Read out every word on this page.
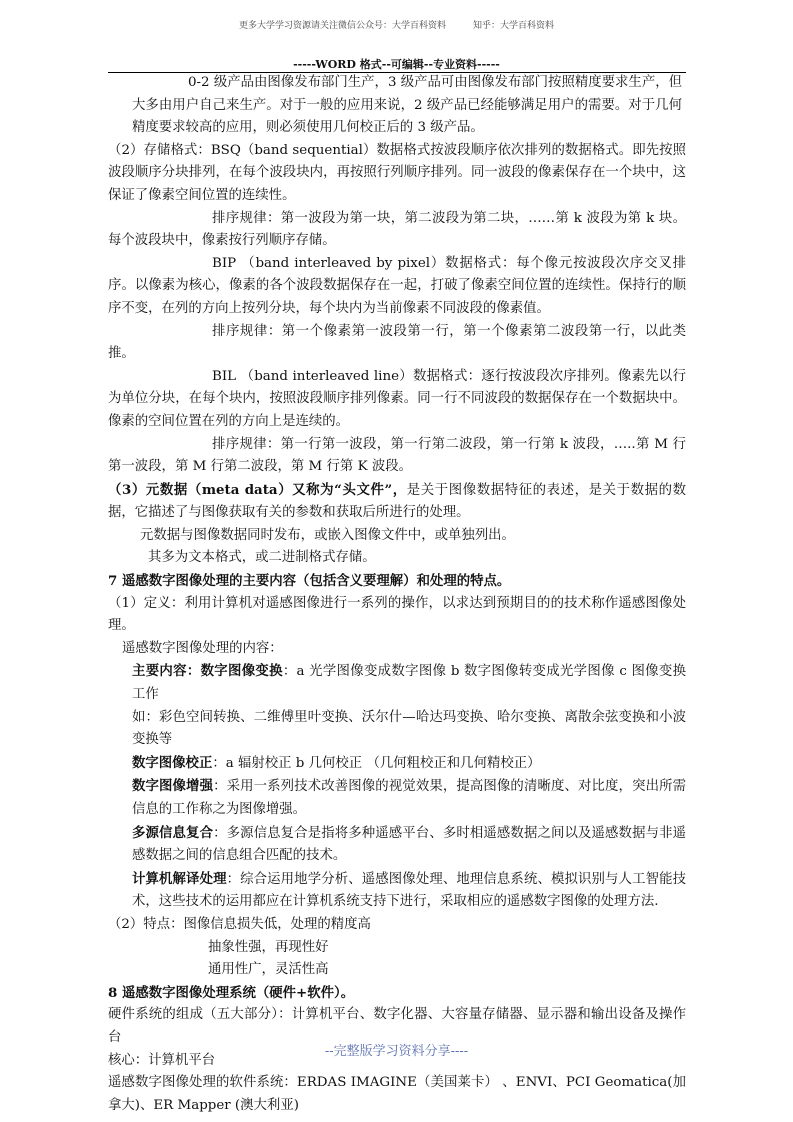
更多大学学习资源请关注微信公众号：大学百科资料	知乎：大学百科资料
-----WORD 格式--可编辑--专业资料-----

0-2 级产品由图像发布部门生产，3 级产品可由图像发布部门按照精度要求生产，但大多由用户自己来生产。对于一般的应用来说，2 级产品已经能够满足用户的需要。对于几何精度要求较高的应用，则必须使用几何校正后的 3 级产品。

（2）存储格式：BSQ（band sequential）数据格式按波段顺序依次排列的数据格式。即先按照波段顺序分块排列，在每个波段块内，再按照行列顺序排列。同一波段的像素保存在一个块中，这保证了像素空间位置的连续性。

排序规律：第一波段为第一块，第二波段为第二块，……第 k 波段为第 k 块。每个波段块中，像素按行列顺序存储。

BIP （band interleaved by pixel）数据格式：每个像元按波段次序交叉排序。以像素为核心，像素的各个波段数据保存在一起，打破了像素空间位置的连续性。保持行的顺序不变，在列的方向上按列分块，每个块内为当前像素不同波段的像素值。

排序规律：第一个像素第一波段第一行，第一个像素第二波段第一行，以此类推。

BIL （band interleaved line）数据格式：逐行按波段次序排列。像素先以行为单位分块，在每个块内，按照波段顺序排列像素。同一行不同波段的数据保存在一个数据块中。像素的空间位置在列的方向上是连续的。

排序规律：第一行第一波段，第一行第二波段，第一行第 k 波段，…..第 M 行第一波段，第 M 行第二波段，第 M 行第 K 波段。

（3）元数据（meta data）又称为“头文件”，是关于图像数据特征的表述，是关于数据的数据，它描述了与图像获取有关的参数和获取后所进行的处理。

元数据与图像数据同时发布，或嵌入图像文件中，或单独列出。

其多为文本格式，或二进制格式存储。

7 遥感数字图像处理的主要内容（包括含义要理解）和处理的特点。

（1）定义：利用计算机对遥感图像进行一系列的操作，以求达到预期目的的技术称作遥感图像处理。

遥感数字图像处理的内容：

主要内容：数字图像变换：a 光学图像变成数字图像 b 数字图像转变成光学图像 c 图像变换工作

如：彩色空间转换、二维傅里叶变换、沃尔什—哈达玛变换、哈尔变换、离散余弦变换和小波变换等

数字图像校正：a 辐射校正 b 几何校正 （几何粗校正和几何精校正）

数字图像增强：采用一系列技术改善图像的视觉效果，提高图像的清晰度、对比度，突出所需信息的工作称之为图像增强。

多源信息复合：多源信息复合是指将多种遥感平台、多时相遥感数据之间以及遥感数据与非遥感数据之间的信息组合匹配的技术。

计算机解译处理：综合运用地学分析、遥感图像处理、地理信息系统、模拟识别与人工智能技术，这些技术的运用都应在计算机系统支持下进行，采取相应的遥感数字图像的处理方法.

（2）特点：图像信息损失低，处理的精度高

抽象性强，再现性好

通用性广，灵活性高

8 遥感数字图像处理系统（硬件+软件）。

硬件系统的组成（五大部分）：计算机平台、数字化器、大容量存储器、显示器和输出设备及操作台

核心：计算机平台

遥感数字图像处理的软件系统：ERDAS IMAGINE（美国莱卡） 、ENVI、PCI Geomatica(加拿大)、ER Mapper (澳大利亚)

--完整版学习资料分享----
